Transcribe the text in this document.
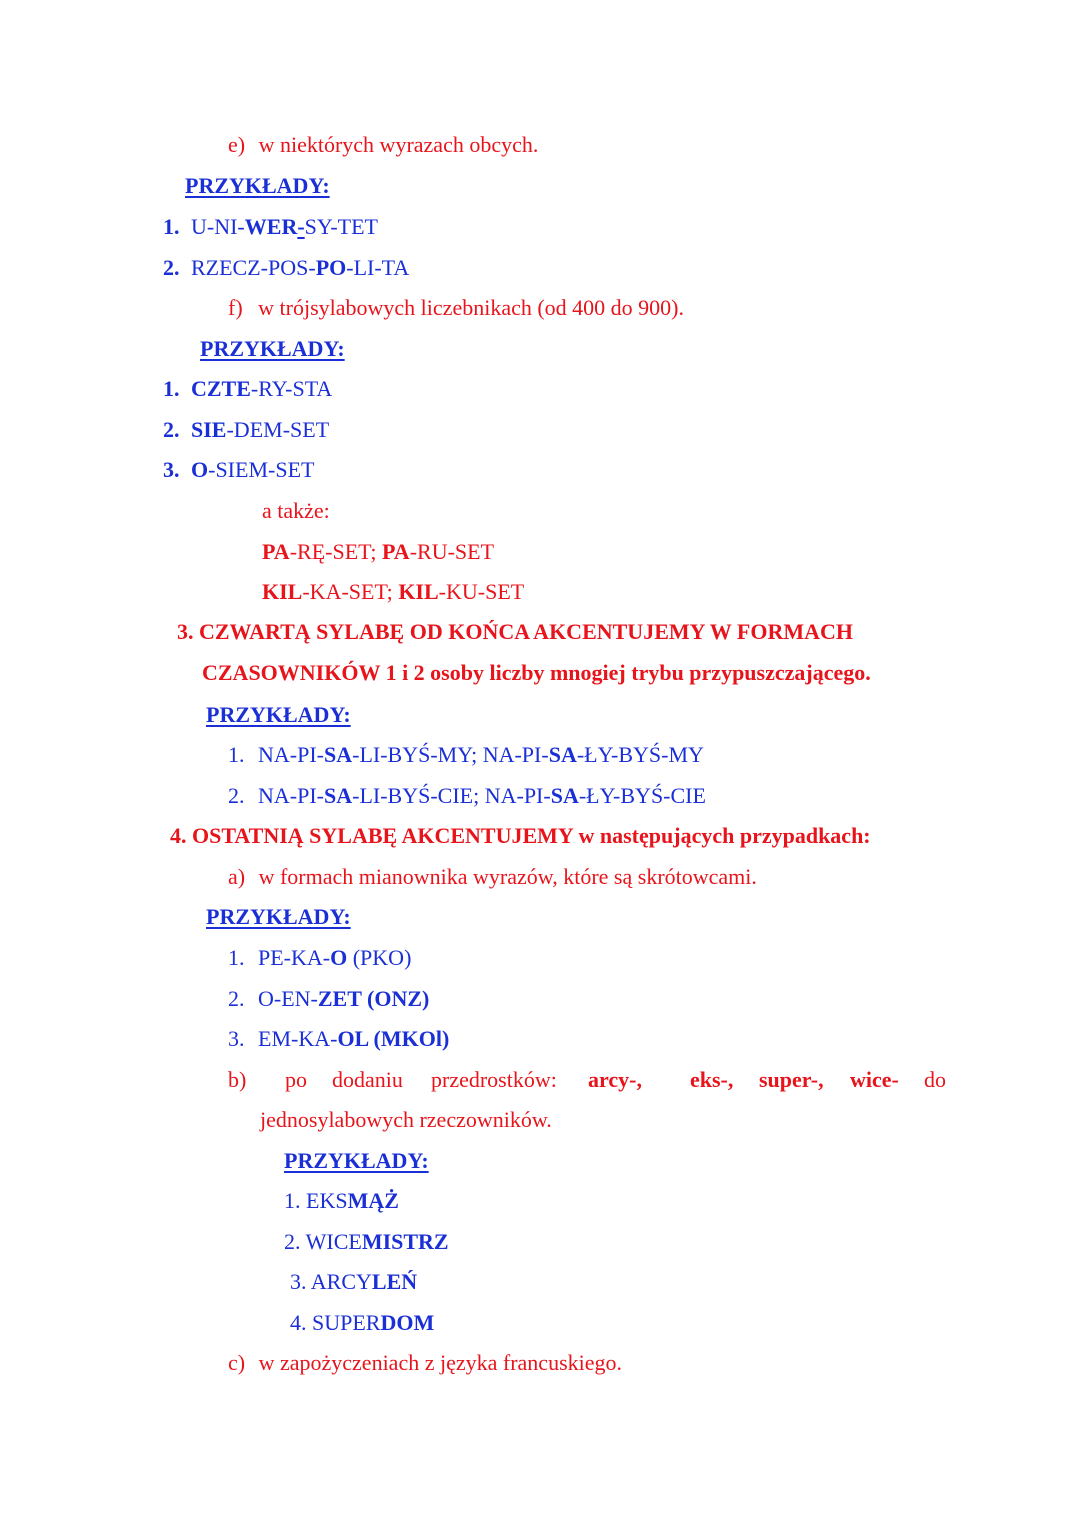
e) w niektórych wyrazach obcych.
PRZYKŁADY:
1. U-NI-WER-SY-TET
2. RZECZ-POS-PO-LI-TA
f) w trójsylabowych liczebnikach (od 400 do 900).
PRZYKŁADY:
1. CZTE-RY-STA
2. SIE-DEM-SET
3. O-SIEM-SET
a także:
PA-RĘ-SET; PA-RU-SET
KIL-KA-SET; KIL-KU-SET
3. CZWARTĄ SYLABĘ OD KOŃCA AKCENTUJEMY W FORMACH
CZASOWNIKÓW 1 i 2 osoby liczby mnogiej trybu przypuszczającego.
PRZYKŁADY:
1. NA-PI-SA-LI-BYŚ-MY; NA-PI-SA-ŁY-BYŚ-MY
2. NA-PI-SA-LI-BYŚ-CIE; NA-PI-SA-ŁY-BYŚ-CIE
4. OSTATNIĄ SYLABĘ AKCENTUJEMY w następujących przypadkach:
a) w formach mianownika wyrazów, które są skrótowcami.
PRZYKŁADY:
1. PE-KA-O (PKO)
2. O-EN-ZET (ONZ)
3. EM-KA-OL (MKOl)
b) po dodaniu przedrostków: arcy-, eks-, super-, wice- do
jednosylabowych rzeczowników.
PRZYKŁADY:
1. EKSMĄŻ
2. WICEMISTRZ
3. ARCYLEŃ
4. SUPERDOM
c) w zapożyczeniach z języka francuskiego.
